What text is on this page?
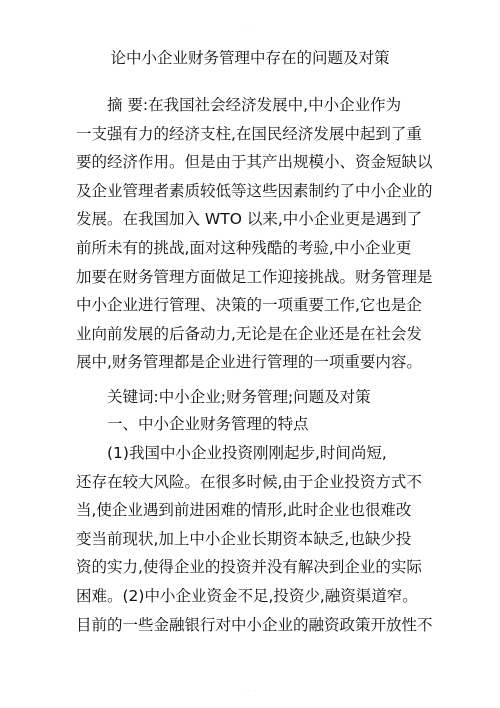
· ·
论中小企业财务管理中存在的问题及对策
　　摘 要:在我国社会经济发展中,中小企业作为
一支强有力的经济支柱,在国民经济发展中起到了重
要的经济作用。但是由于其产出规模小、资金短缺以
及企业管理者素质较低等这些因素制约了中小企业的
发展。在我国加入 WTO 以来,中小企业更是遇到了
前所未有的挑战,面对这种残酷的考验,中小企业更
加要在财务管理方面做足工作迎接挑战。财务管理是
中小企业进行管理、决策的一项重要工作,它也是企
业向前发展的后备动力,无论是在企业还是在社会发
展中,财务管理都是企业进行管理的一项重要内容。
　　关键词:中小企业;财务管理;问题及对策
　　一、中小企业财务管理的特点
　　(1)我国中小企业投资刚刚起步,时间尚短,
还存在较大风险。在很多时候,由于企业投资方式不
当,使企业遇到前进困难的情形,此时企业也很难改
变当前现状,加上中小企业长期资本缺乏,也缺少投
资的实力,使得企业的投资并没有解决到企业的实际
困难。(2)中小企业资金不足,投资少,融资渠道窄。
目前的一些金融银行对中小企业的融资政策开放性不
· · ·
